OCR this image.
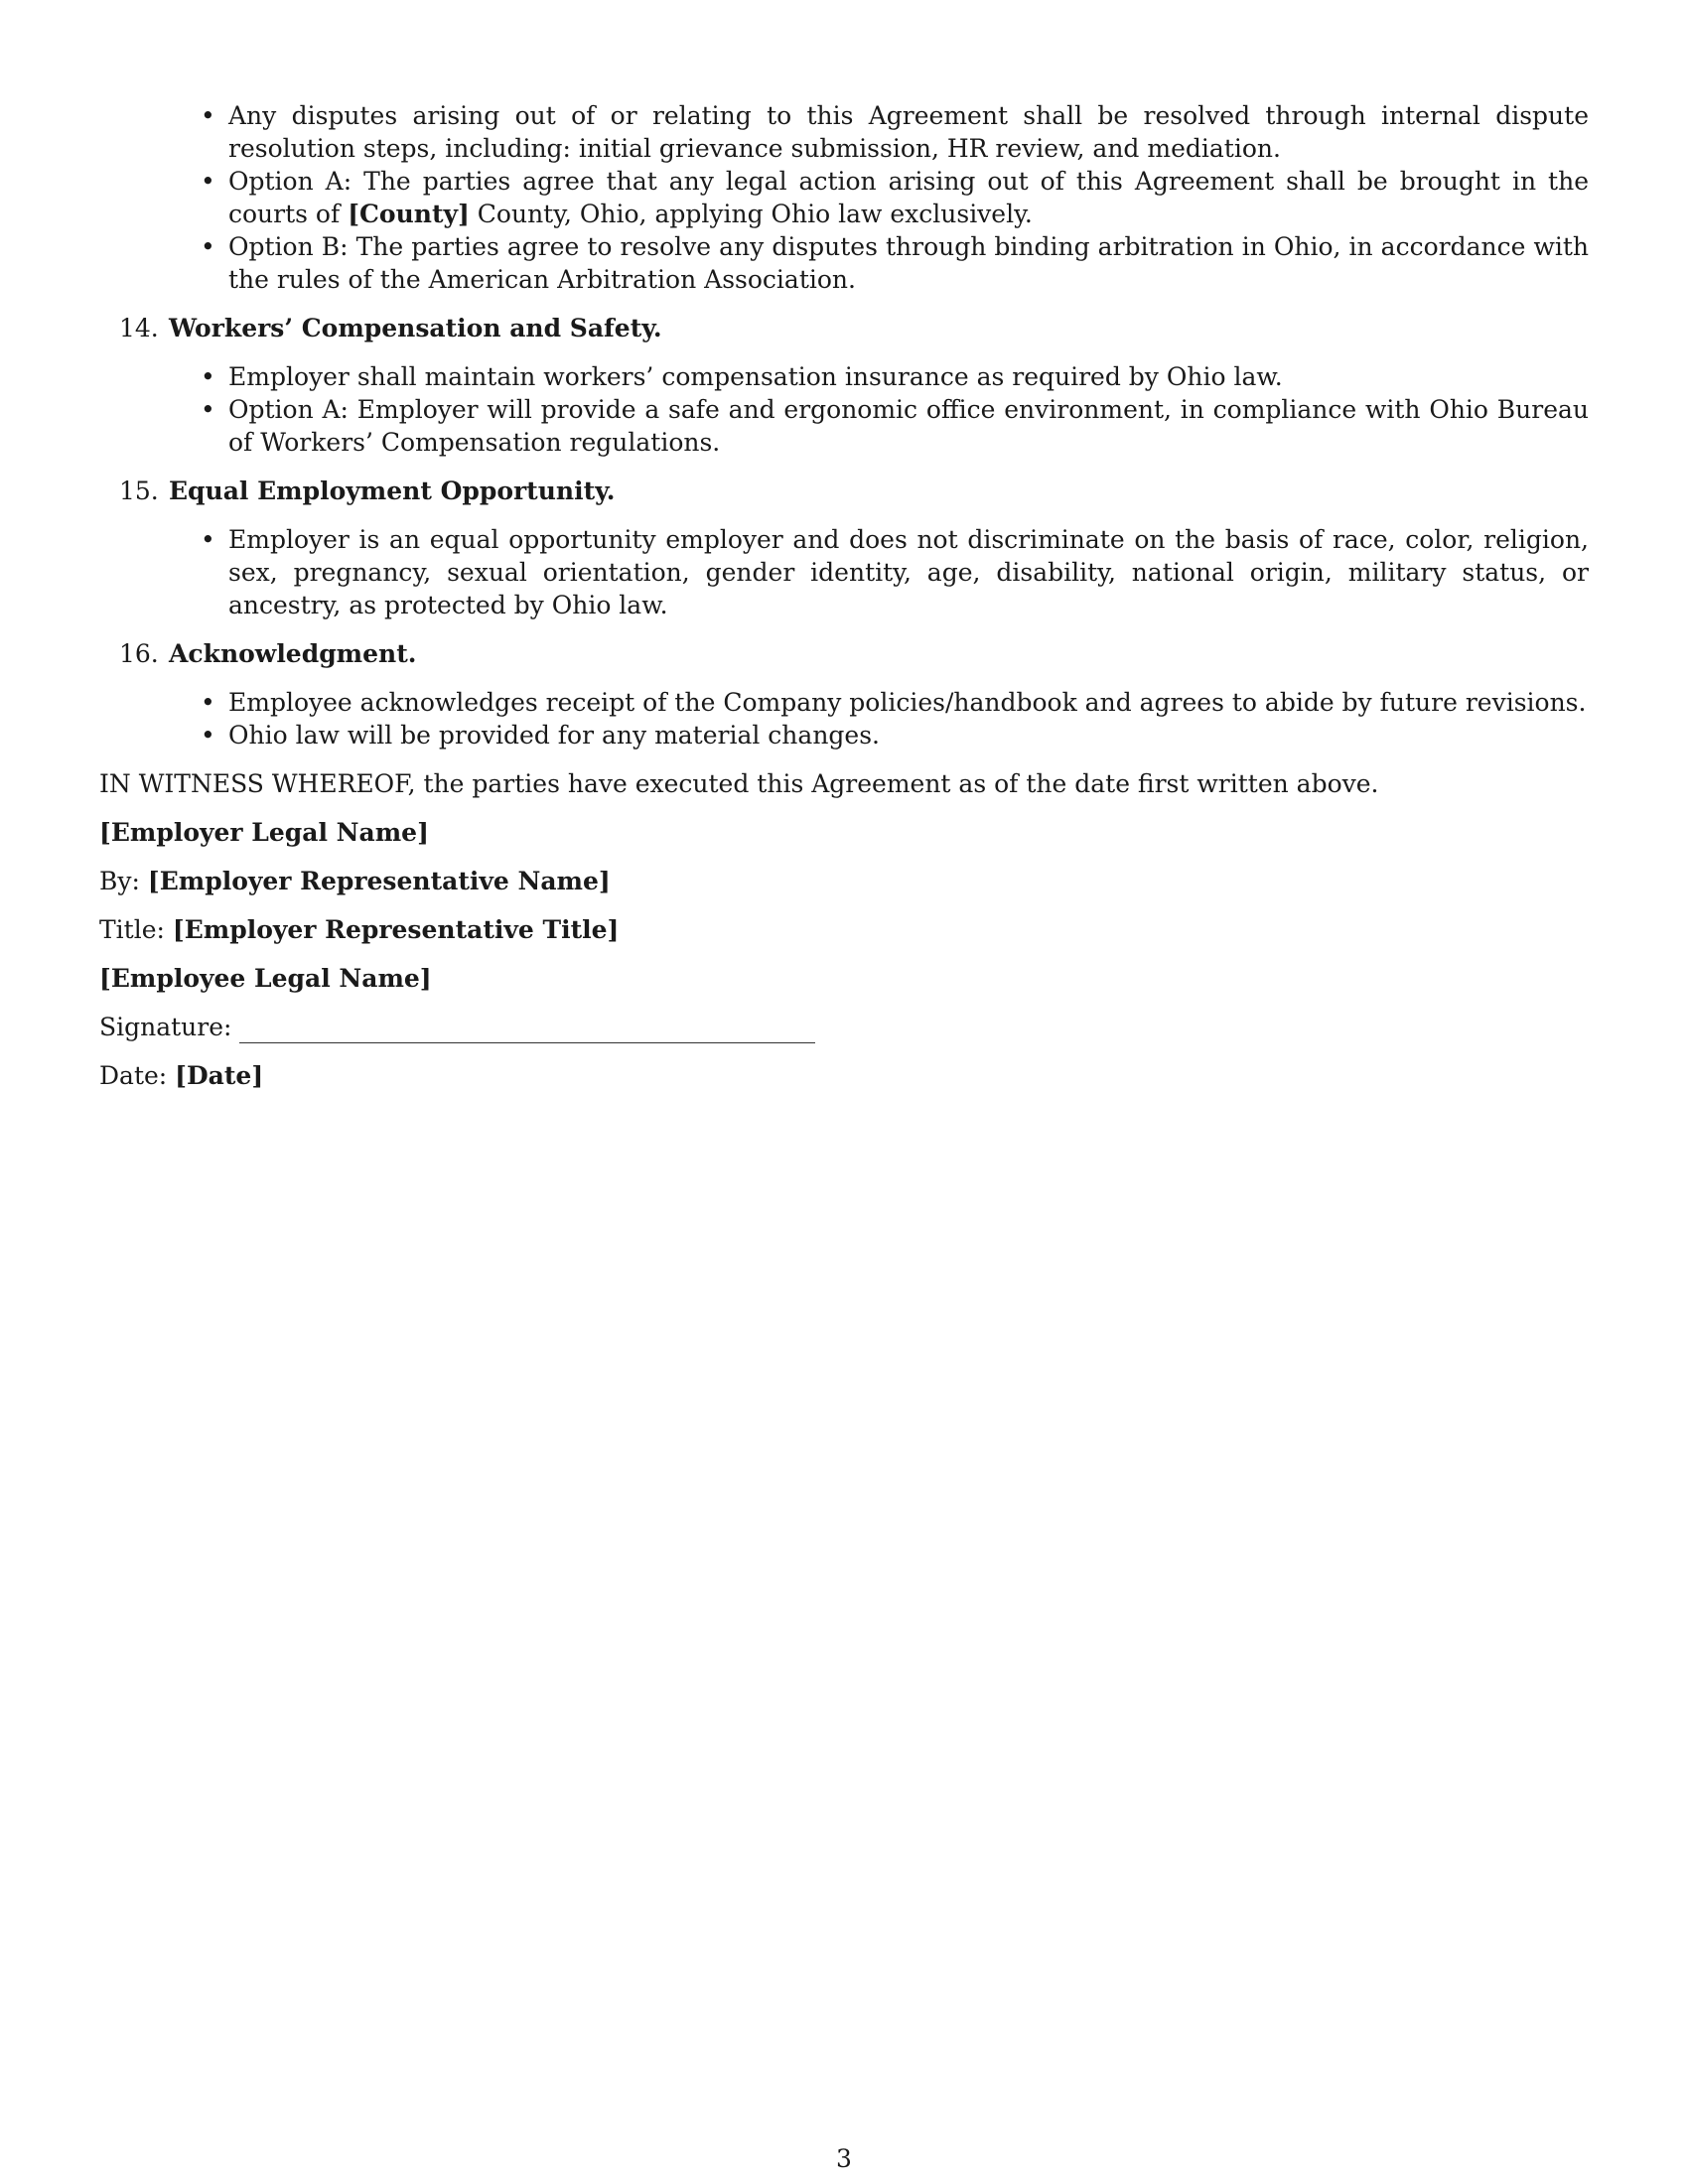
• Any disputes arising out of or relating to this Agreement shall be resolved through internal dispute resolution steps, including: initial grievance submission, HR review, and mediation.
• Option A: The parties agree that any legal action arising out of this Agreement shall be brought in the courts of [County] County, Ohio, applying Ohio law exclusively.
• Option B: The parties agree to resolve any disputes through binding arbitration in Ohio, in accordance with the rules of the American Arbitration Association.
14. Workers’ Compensation and Safety.
• Employer shall maintain workers’ compensation insurance as required by Ohio law.
• Option A: Employer will provide a safe and ergonomic office environment, in compliance with Ohio Bureau of Workers’ Compensation regulations.
15. Equal Employment Opportunity.
• Employer is an equal opportunity employer and does not discriminate on the basis of race, color, religion, sex, pregnancy, sexual orientation, gender identity, age, disability, national origin, military status, or ancestry, as protected by Ohio law.
16. Acknowledgment.
• Employee acknowledges receipt of the Company policies/handbook and agrees to abide by future revisions.
• Ohio law will be provided for any material changes.

IN WITNESS WHEREOF, the parties have executed this Agreement as of the date first written above.

[Employer Legal Name]

By: [Employer Representative Name]

Title: [Employer Representative Title]

[Employee Legal Name]

Signature:

Date: [Date]

3
